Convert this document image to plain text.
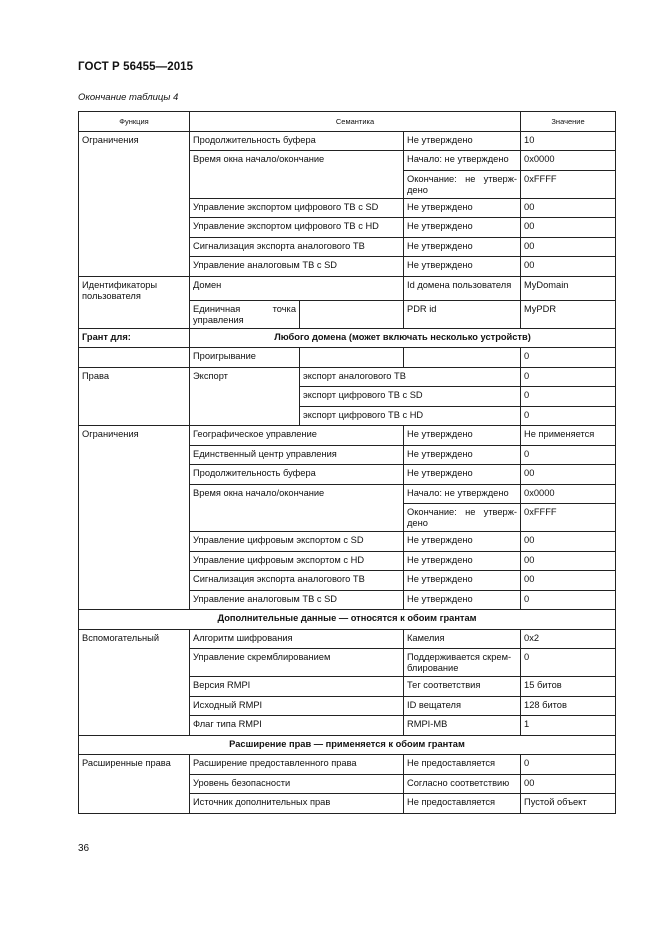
ГОСТ Р 56455—2015
Окончание таблицы 4
Функция	Семантика			Значение
Ограничения	Продолжительность буфера		Не утверждено	10
	Время окна начало/окончание		Начало: не утверждено	0x0000
			Окончание: не утверж-дено	0xFFFF
	Управление экспортом цифрового ТВ с SD		Не утверждено	00
	Управление экспортом цифрового ТВ с HD		Не утверждено	00
	Сигнализация экспорта аналогового ТВ		Не утверждено	00
	Управление аналоговым ТВ с SD		Не утверждено	00
Идентификаторы пользователя	Домен		Id домена пользователя	MyDomain
	Единичная точка управления		PDR id	MyPDR
Грант для:	Любого домена (может включать несколько устройств)			
	Проигрывание			0
Права	Экспорт	экспорт аналогового ТВ		0
		экспорт цифрового ТВ с SD		0
		экспорт цифрового ТВ с HD		0
Ограничения	Географическое управление		Не утверждено	Не применяется
	Единственный центр управления		Не утверждено	0
	Продолжительность буфера		Не утверждено	00
	Время окна начало/окончание		Начало: не утверждено	0x0000
			Окончание: не утверж-дено	0xFFFF
	Управление цифровым экспортом с SD		Не утверждено	00
	Управление цифровым экспортом с HD		Не утверждено	00
	Сигнализация экспорта аналогового ТВ		Не утверждено	00
	Управление аналоговым ТВ с SD		Не утверждено	0
Дополнительные данные — относятся к обоим грантам				
Вспомогательный	Алгоритм шифрования		Камелия	0x2
	Управление скремблированием		Поддерживается скрем-блирование	0
	Версия RMPI		Тег соответствия	15 битов
	Исходный RMPI		ID вещателя	128 битов
	Флаг типа RMPI		RMPI-MB	1
Расширение прав — применяется к обоим грантам				
Расширенные права	Расширение предоставленного права		Не предоставляется	0
	Уровень безопасности		Согласно соответствию	00
	Источник дополнительных прав		Не предоставляется	Пустой объект
36
